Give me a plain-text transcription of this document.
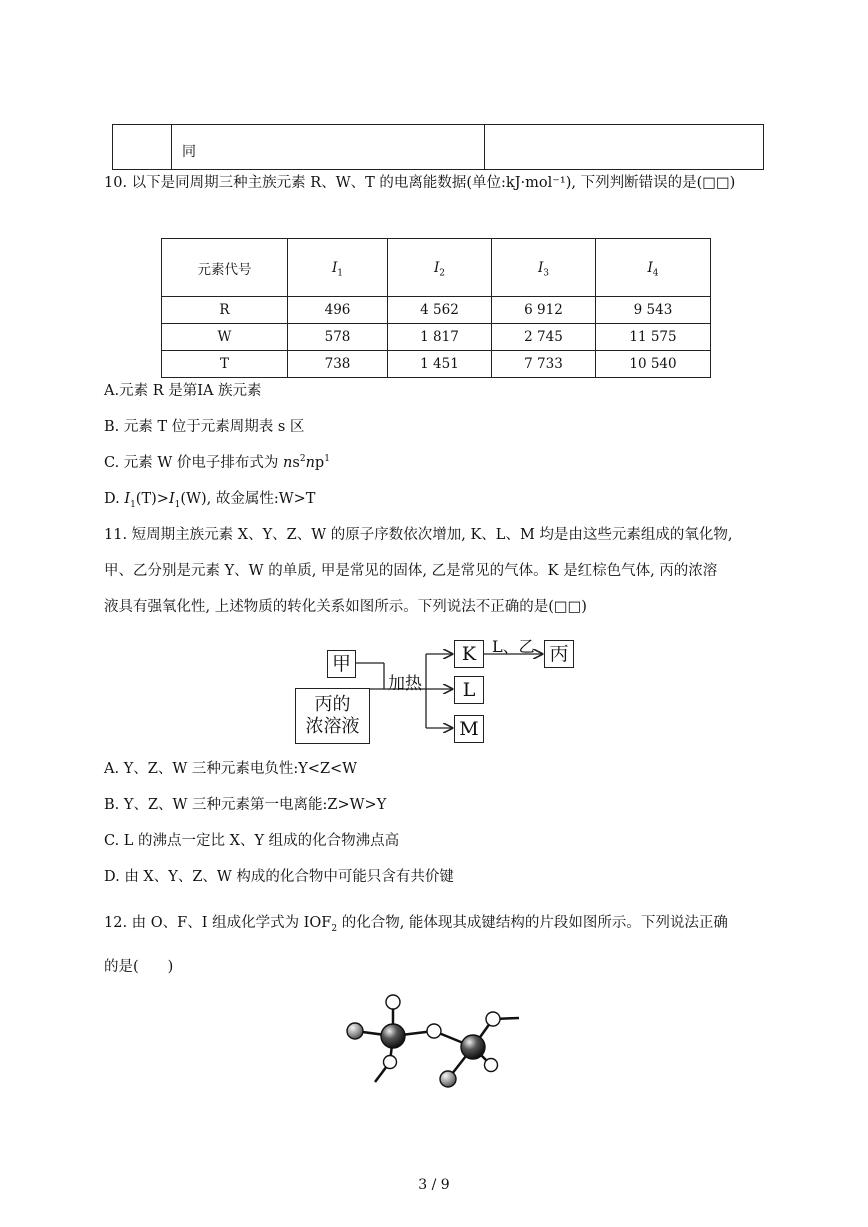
同
10. 以下是同周期三种主族元素 R、W、T 的电离能数据(单位:kJ·mol⁻¹), 下列判断错误的是(□□)
元素代号	$I_1$	$I_2$	$I_3$	$I_4$
R	496	4 562	6 912	9 543
W	578	1 817	2 745	11 575
T	738	1 451	7 733	10 540
A.元素 R 是第IA 族元素
B. 元素 T 位于元素周期表 s 区
C. 元素 W 价电子排布式为 $ns^2np^1$
D. $I_1(T)>I_1(W)$, 故金属性:W>T
11. 短周期主族元素 X、Y、Z、W 的原子序数依次增加, K、L、M 均是由这些元素组成的氧化物,
甲、乙分别是元素 Y、W 的单质, 甲是常见的固体, 乙是常见的气体。K 是红棕色气体, 丙的浓溶
液具有强氧化性, 上述物质的转化关系如图所示。下列说法不正确的是(□□)
甲
丙的
浓溶液
加热
K
L
M
L、乙 丙
A. Y、Z、W 三种元素电负性:Y<Z<W
B. Y、Z、W 三种元素第一电离能:Z>W>Y
C. L 的沸点一定比 X、Y 组成的化合物沸点高
D. 由 X、Y、Z、W 构成的化合物中可能只含有共价键
12. 由 O、F、I 组成化学式为 $IOF_2$ 的化合物, 能体现其成键结构的片段如图所示。下列说法正确
的是(　　)
3 / 9
